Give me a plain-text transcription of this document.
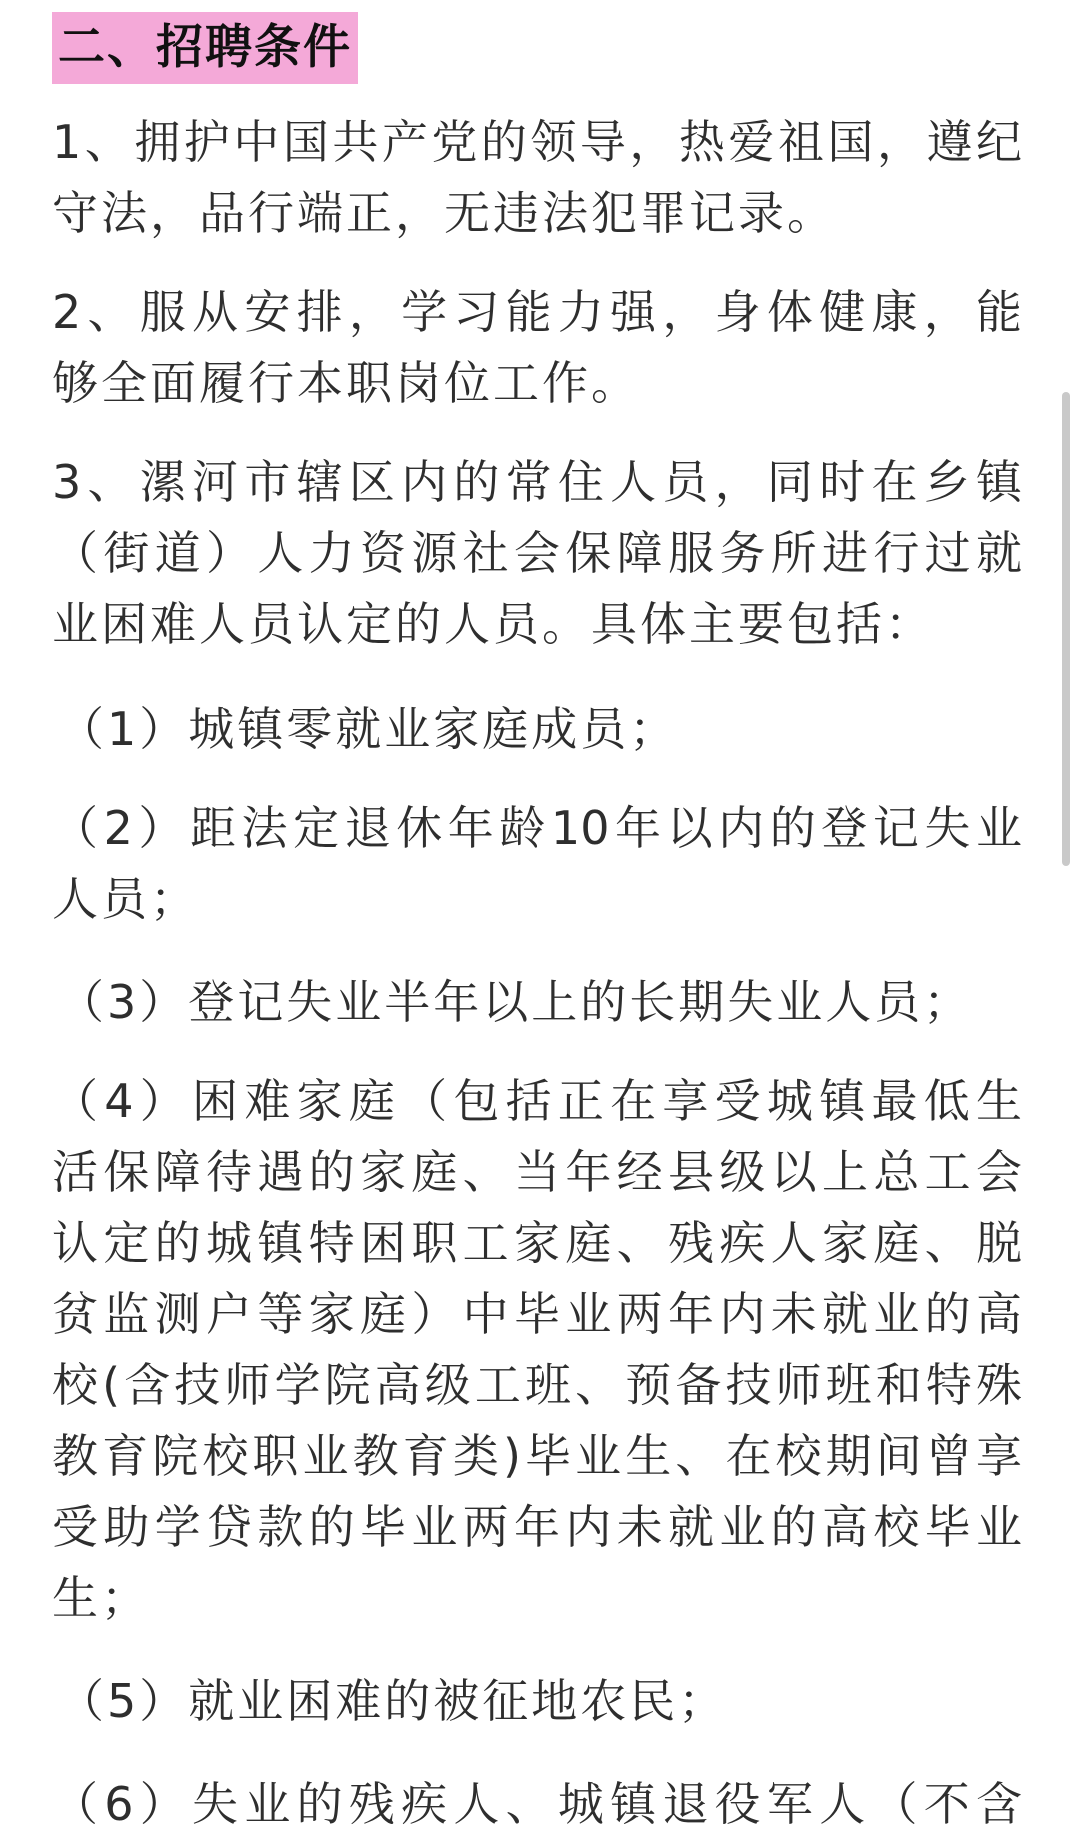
二、招聘条件
1、拥护中国共产党的领导，热爱祖国，遵纪
守法，品行端正，无违法犯罪记录。
2、服从安排，学习能力强，身体健康，能
够全面履行本职岗位工作。
3、漯河市辖区内的常住人员，同时在乡镇
（街道）人力资源社会保障服务所进行过就
业困难人员认定的人员。具体主要包括：
（1）城镇零就业家庭成员；
（2）距法定退休年龄10年以内的登记失业
人员；
（3）登记失业半年以上的长期失业人员；
（4）困难家庭（包括正在享受城镇最低生
活保障待遇的家庭、当年经县级以上总工会
认定的城镇特困职工家庭、残疾人家庭、脱
贫监测户等家庭）中毕业两年内未就业的高
校(含技师学院高级工班、预备技师班和特殊
教育院校职业教育类)毕业生、在校期间曾享
受助学贷款的毕业两年内未就业的高校毕业
生；
（5）就业困难的被征地农民；
（6）失业的残疾人、城镇退役军人（不含
